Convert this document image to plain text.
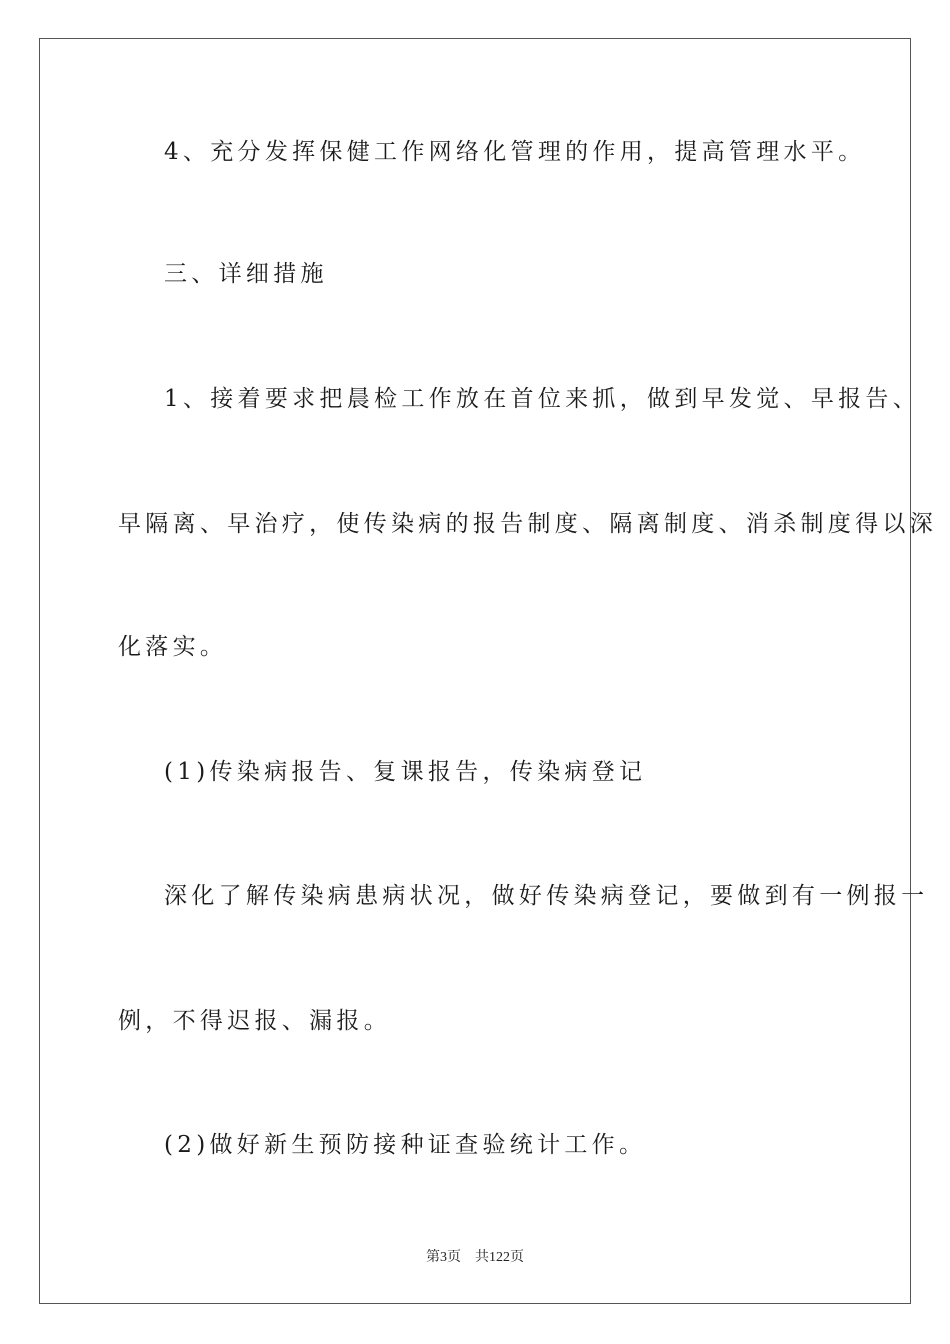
4、充分发挥保健工作网络化管理的作用，提高管理水平。
三、详细措施
1、接着要求把晨检工作放在首位来抓，做到早发觉、早报告、
早隔离、早治疗，使传染病的报告制度、隔离制度、消杀制度得以深
化落实。
(1)传染病报告、复课报告，传染病登记
深化了解传染病患病状况，做好传染病登记，要做到有一例报一
例，不得迟报、漏报。
(2)做好新生预防接种证查验统计工作。
第3页 共122页
